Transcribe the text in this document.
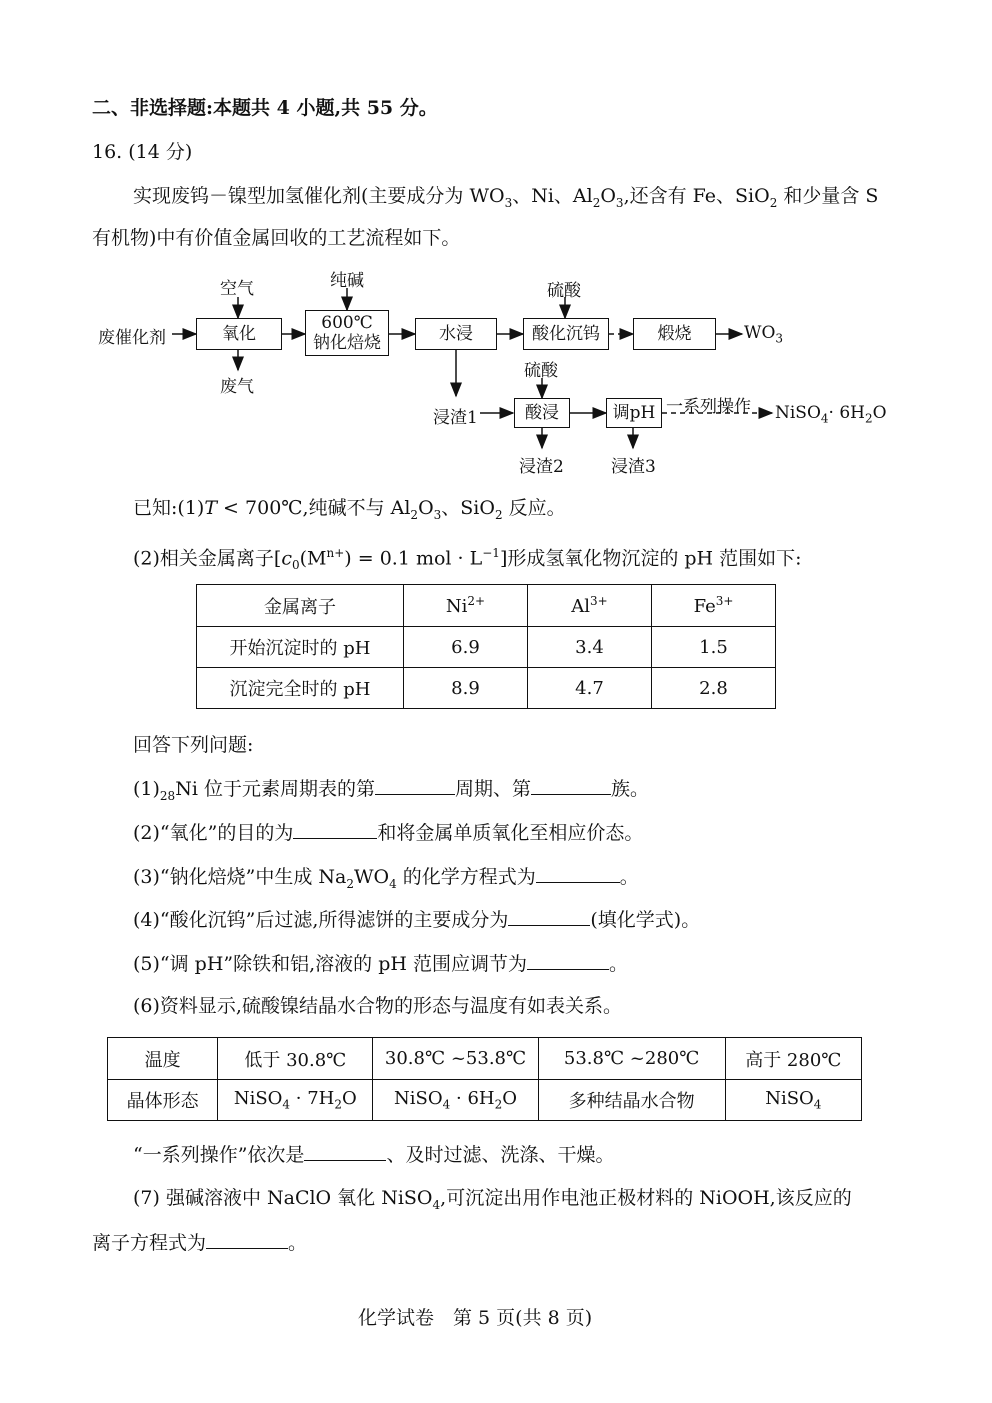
二、非选择题:本题共 4 小题,共 55 分。
16. (14 分)
实现废钨－镍型加氢催化剂(主要成分为 $WO_3$、Ni、$Al_2O_3$,还含有 Fe、SiO$_2$ 和少量含 S
有机物)中有价值金属回收的工艺流程如下。
废催化剂
空气
氧化
废气
纯碱
600℃
钠化焙烧	水浸
硫酸
酸化沉钨	煅烧	$WO_3$
浸渣1
硫酸
酸浸
浸渣2
调pH
浸渣3
一系列操作 NiSO$_4$· $6H_2O$
已知:(1)T < 700℃,纯碱不与 $Al_2O_3$、SiO$_2$ 反应。
(2)相关金属离子[$c_0(M^{n+}) = 0.1$ mol · $L^{-1}$]形成氢氧化物沉淀的 pH 范围如下:
金属离子	$Ni^{2+}$	$Al^{3+}$	$Fe^{3+}$
开始沉淀时的 pH	6.9	3.4	1.5
沉淀完全时的 pH	8.9	4.7	2.8
回答下列问题:
$(1)_{28}Ni$ 位于元素周期表的第	周期、第	族。
(2)“氧化”的目的为	和将金属单质氧化至相应价态。
(3)“钠化焙烧”中生成 $Na_2WO_4$ 的化学方程式为	。
(4)“酸化沉钨”后过滤,所得滤饼的主要成分为	(填化学式)。
(5)“调 pH”除铁和铝,溶液的 pH 范围应调节为	。
(6)资料显示,硫酸镍结晶水合物的形态与温度有如表关系。
温度	低于 30.8℃	30.8℃ ~53.8℃	53.8℃ ~280℃	高于 280℃
晶体形态	NiSO$_4$ · $7H_2O$	NiSO$_4$ · $6H_2O$	多种结晶水合物	NiSO$_4$
“一系列操作”依次是	、及时过滤、洗涤、干燥。
(7) 强碱溶液中 NaClO 氧化 NiSO$_4$,可沉淀出用作电池正极材料的 NiOOH,该反应的
离子方程式为	。
化学试卷　第 5 页(共 8 页)
